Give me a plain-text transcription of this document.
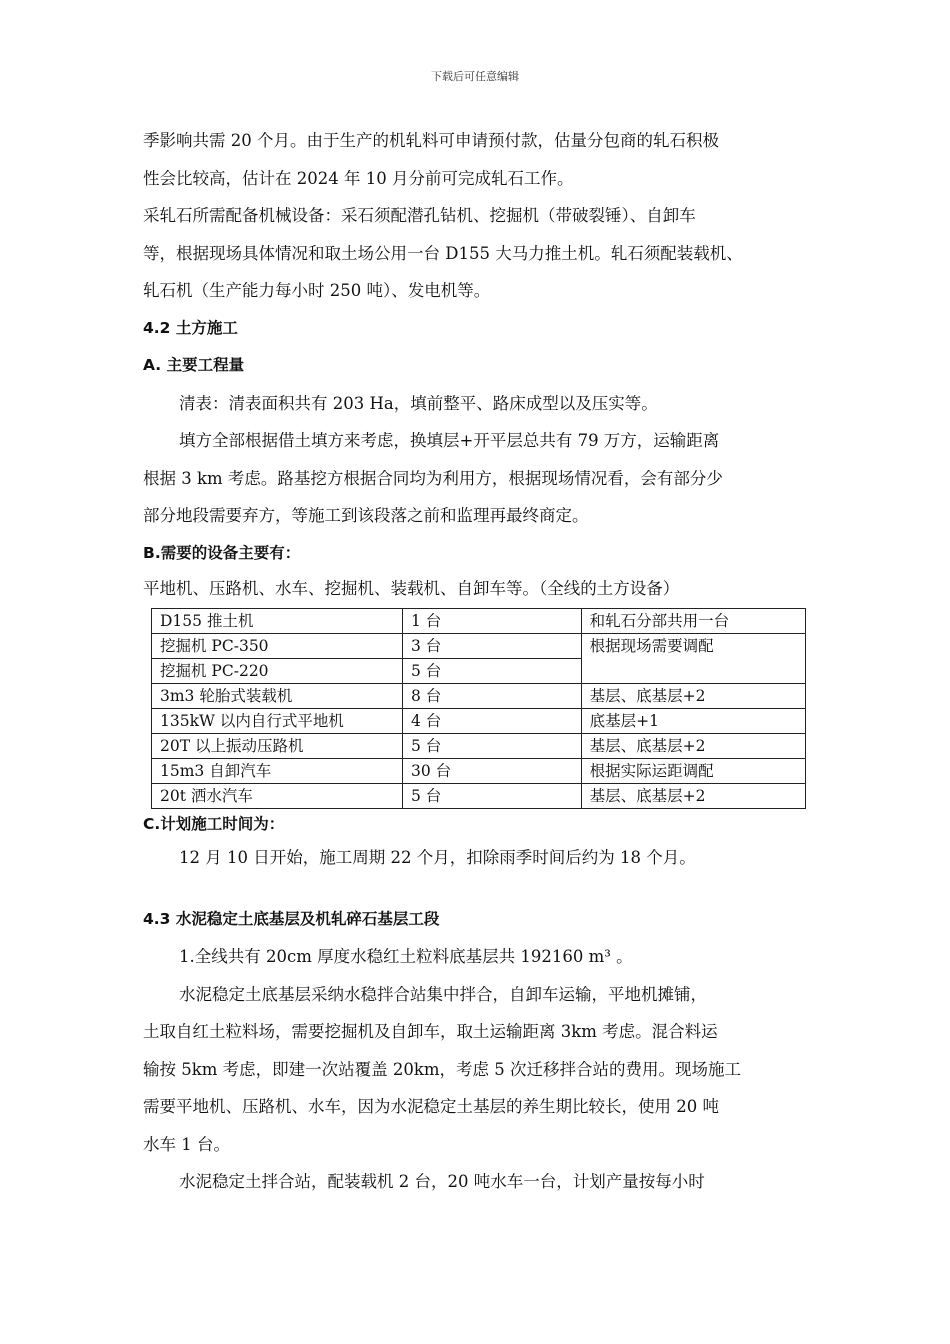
下载后可任意编辑

季影响共需 20 个月。由于生产的机轧料可申请预付款，估量分包商的轧石积极

性会比较高，估计在 2024 年 10 月分前可完成轧石工作。

采轧石所需配备机械设备：采石须配潜孔钻机、挖掘机（带破裂锤）、自卸车

等，根据现场具体情况和取土场公用一台 D155 大马力推土机。轧石须配装载机、

轧石机（生产能力每小时 250 吨）、发电机等。

4.2 土方施工

A. 主要工程量

清表：清表面积共有 203 Ha，填前整平、路床成型以及压实等。

填方全部根据借土填方来考虑，换填层+开平层总共有 79 万方，运输距离

根据 3 km 考虑。路基挖方根据合同均为利用方，根据现场情况看，会有部分少

部分地段需要弃方，等施工到该段落之前和监理再最终商定。

B.需要的设备主要有：

平地机、压路机、水车、挖掘机、装载机、自卸车等。（全线的土方设备）

D155 推土机	1 台	和轧石分部共用一台
挖掘机 PC-350	3 台	根据现场需要调配
挖掘机 PC-220	5 台	
3m3 轮胎式装载机	8 台	基层、底基层+2
135kW 以内自行式平地机	4 台	底基层+1
20T 以上振动压路机	5 台	基层、底基层+2
15m3 自卸汽车	30 台	根据实际运距调配
20t 洒水汽车	5 台	基层、底基层+2

C.计划施工时间为：

12 月 10 日开始，施工周期 22 个月，扣除雨季时间后约为 18 个月。

4.3 水泥稳定土底基层及机轧碎石基层工段

1.全线共有 20cm 厚度水稳红土粒料底基层共 192160 m³ 。

水泥稳定土底基层采纳水稳拌合站集中拌合，自卸车运输，平地机摊铺，

土取自红土粒料场，需要挖掘机及自卸车，取土运输距离 3km 考虑。混合料运

输按 5km 考虑，即建一次站覆盖 20km，考虑 5 次迁移拌合站的费用。现场施工

需要平地机、压路机、水车，因为水泥稳定土基层的养生期比较长，使用 20 吨

水车 1 台。

水泥稳定土拌合站，配装载机 2 台，20 吨水车一台，计划产量按每小时
